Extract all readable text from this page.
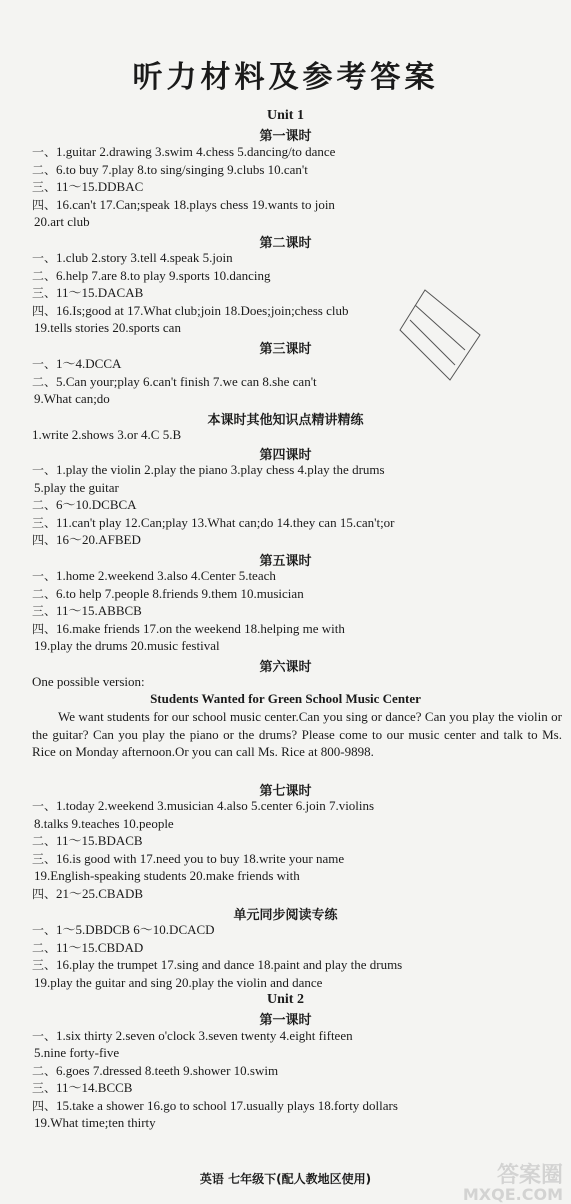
听力材料及参考答案
Unit 1
第一课时
一、1.guitar 2.drawing 3.swim 4.chess 5.dancing/to dance
二、6.to buy 7.play 8.to sing/singing 9.clubs 10.can't
三、11～15.DDBAC
四、16.can't 17.Can;speak 18.plays chess 19.wants to join
20.art club
第二课时
一、1.club 2.story 3.tell 4.speak 5.join
二、6.help 7.are 8.to play 9.sports 10.dancing
三、11～15.DACAB
四、16.Is;good at 17.What club;join 18.Does;join;chess club
19.tells stories 20.sports can
第三课时
一、1～4.DCCA
二、5.Can your;play 6.can't finish 7.we can 8.she can't
9.What can;do
本课时其他知识点精讲精练
1.write 2.shows 3.or 4.C 5.B
第四课时
一、1.play the violin 2.play the piano 3.play chess 4.play the drums
5.play the guitar
二、6～10.DCBCA
三、11.can't play 12.Can;play 13.What can;do 14.they can 15.can't;or
四、16～20.AFBED
第五课时
一、1.home 2.weekend 3.also 4.Center 5.teach
二、6.to help 7.people 8.friends 9.them 10.musician
三、11～15.ABBCB
四、16.make friends 17.on the weekend 18.helping me with
19.play the drums 20.music festival
第六课时
One possible version:
Students Wanted for Green School Music Center
We want students for our school music center.Can you sing or dance? Can you play the violin or the guitar? Can you play the piano or the drums? Please come to our music center and talk to Ms. Rice on Monday afternoon.Or you can call Ms. Rice at 800-9898.
第七课时
一、1.today 2.weekend 3.musician 4.also 5.center 6.join 7.violins
8.talks 9.teaches 10.people
二、11～15.BDACB
三、16.is good with 17.need you to buy 18.write your name
19.English-speaking students 20.make friends with
四、21～25.CBADB
单元同步阅读专练
一、1～5.DBDCB 6～10.DCACD
二、11～15.CBDAD
三、16.play the trumpet 17.sing and dance 18.paint and play the drums
19.play the guitar and sing 20.play the violin and dance
Unit 2
第一课时
一、1.six thirty 2.seven o'clock 3.seven twenty 4.eight fifteen
5.nine forty-five
二、6.goes 7.dressed 8.teeth 9.shower 10.swim
三、11～14.BCCB
四、15.take a shower 16.go to school 17.usually plays 18.forty dollars
19.What time;ten thirty
英语 七年级下(配人教地区使用)	答案圈
MXQE.COM
